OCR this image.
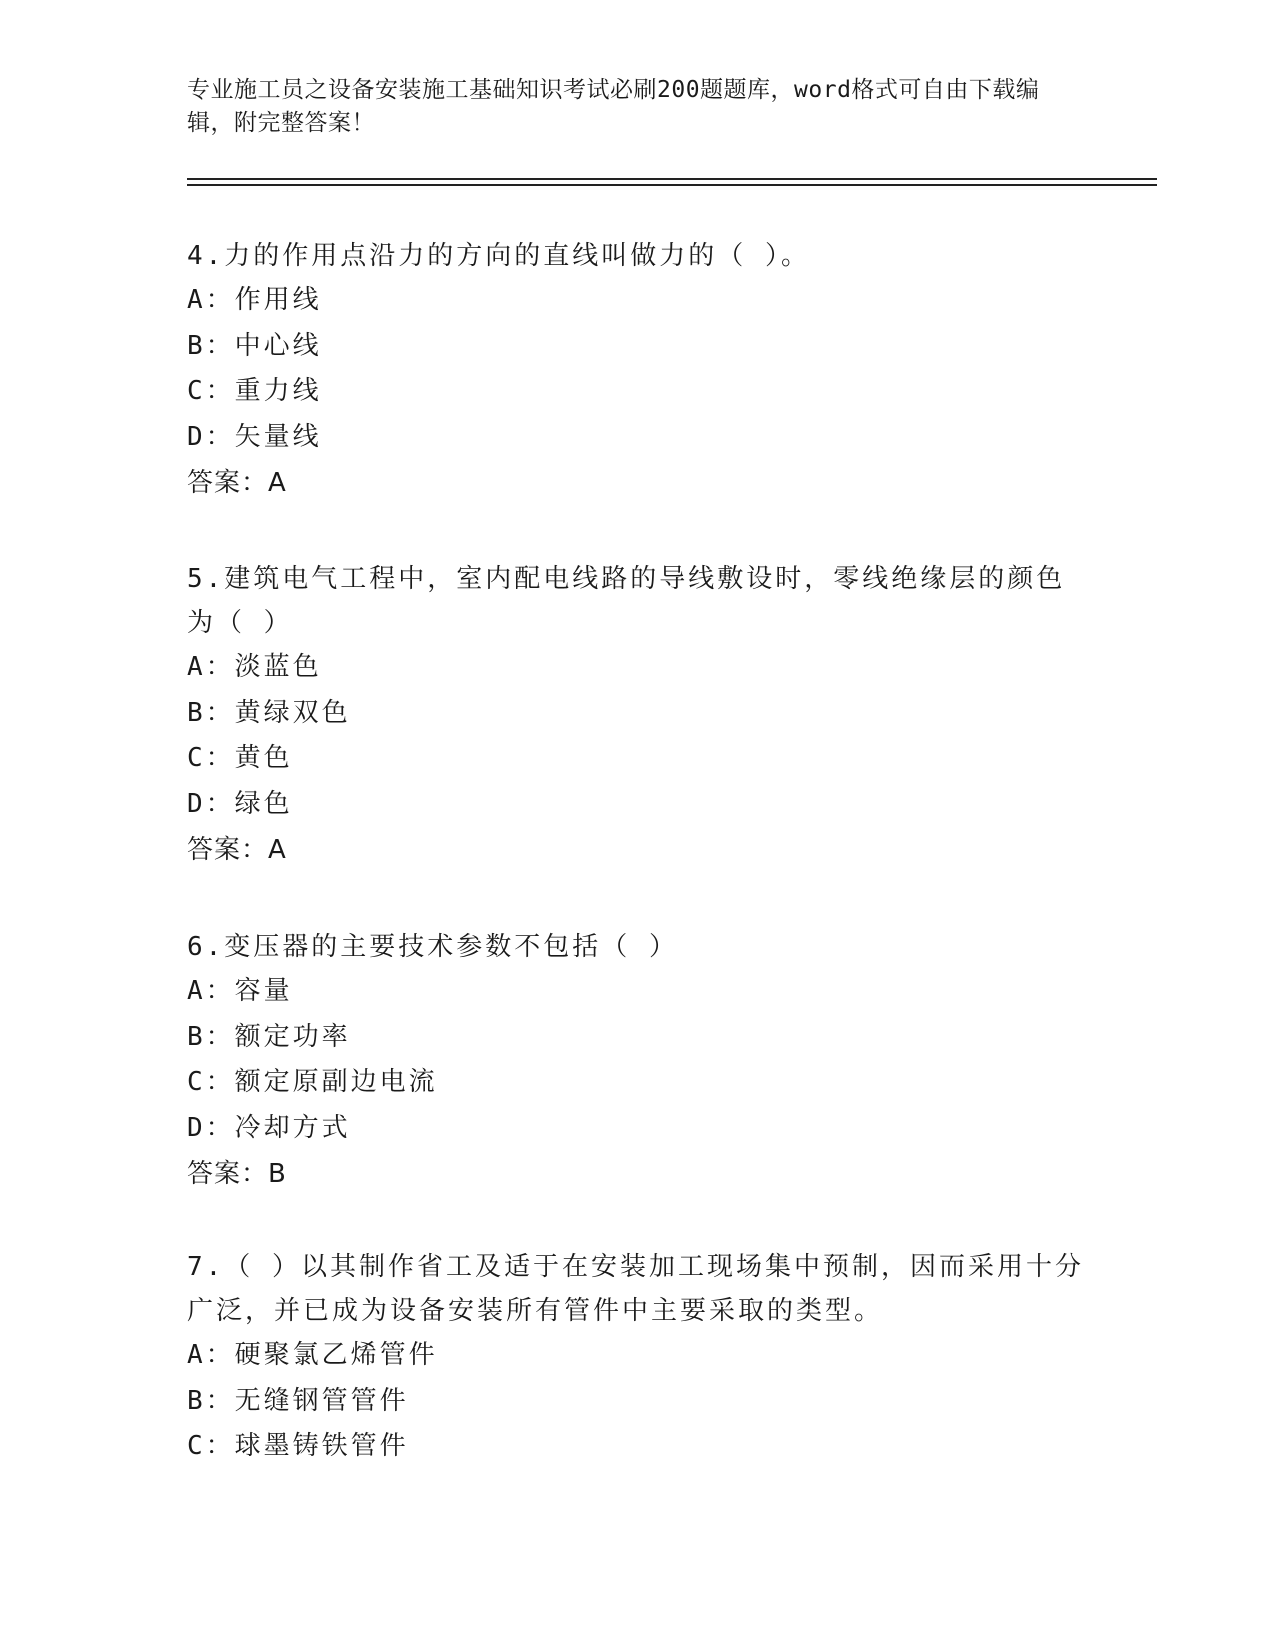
专业施工员之设备安装施工基础知识考试必刷200题题库，word格式可自由下载编辑，附完整答案！

4.力的作用点沿力的方向的直线叫做力的（ ）。

A：作用线

B：中心线

C：重力线

D：矢量线

答案：A

5.建筑电气工程中，室内配电线路的导线敷设时，零线绝缘层的颜色为（ ）

A：淡蓝色

B：黄绿双色

C：黄色

D：绿色

答案：A

6.变压器的主要技术参数不包括（ ）

A：容量

B：额定功率

C：额定原副边电流

D：冷却方式

答案：B

7.（ ）以其制作省工及适于在安装加工现场集中预制，因而采用十分广泛，并已成为设备安装所有管件中主要采取的类型。

A：硬聚氯乙烯管件

B：无缝钢管管件

C：球墨铸铁管件
